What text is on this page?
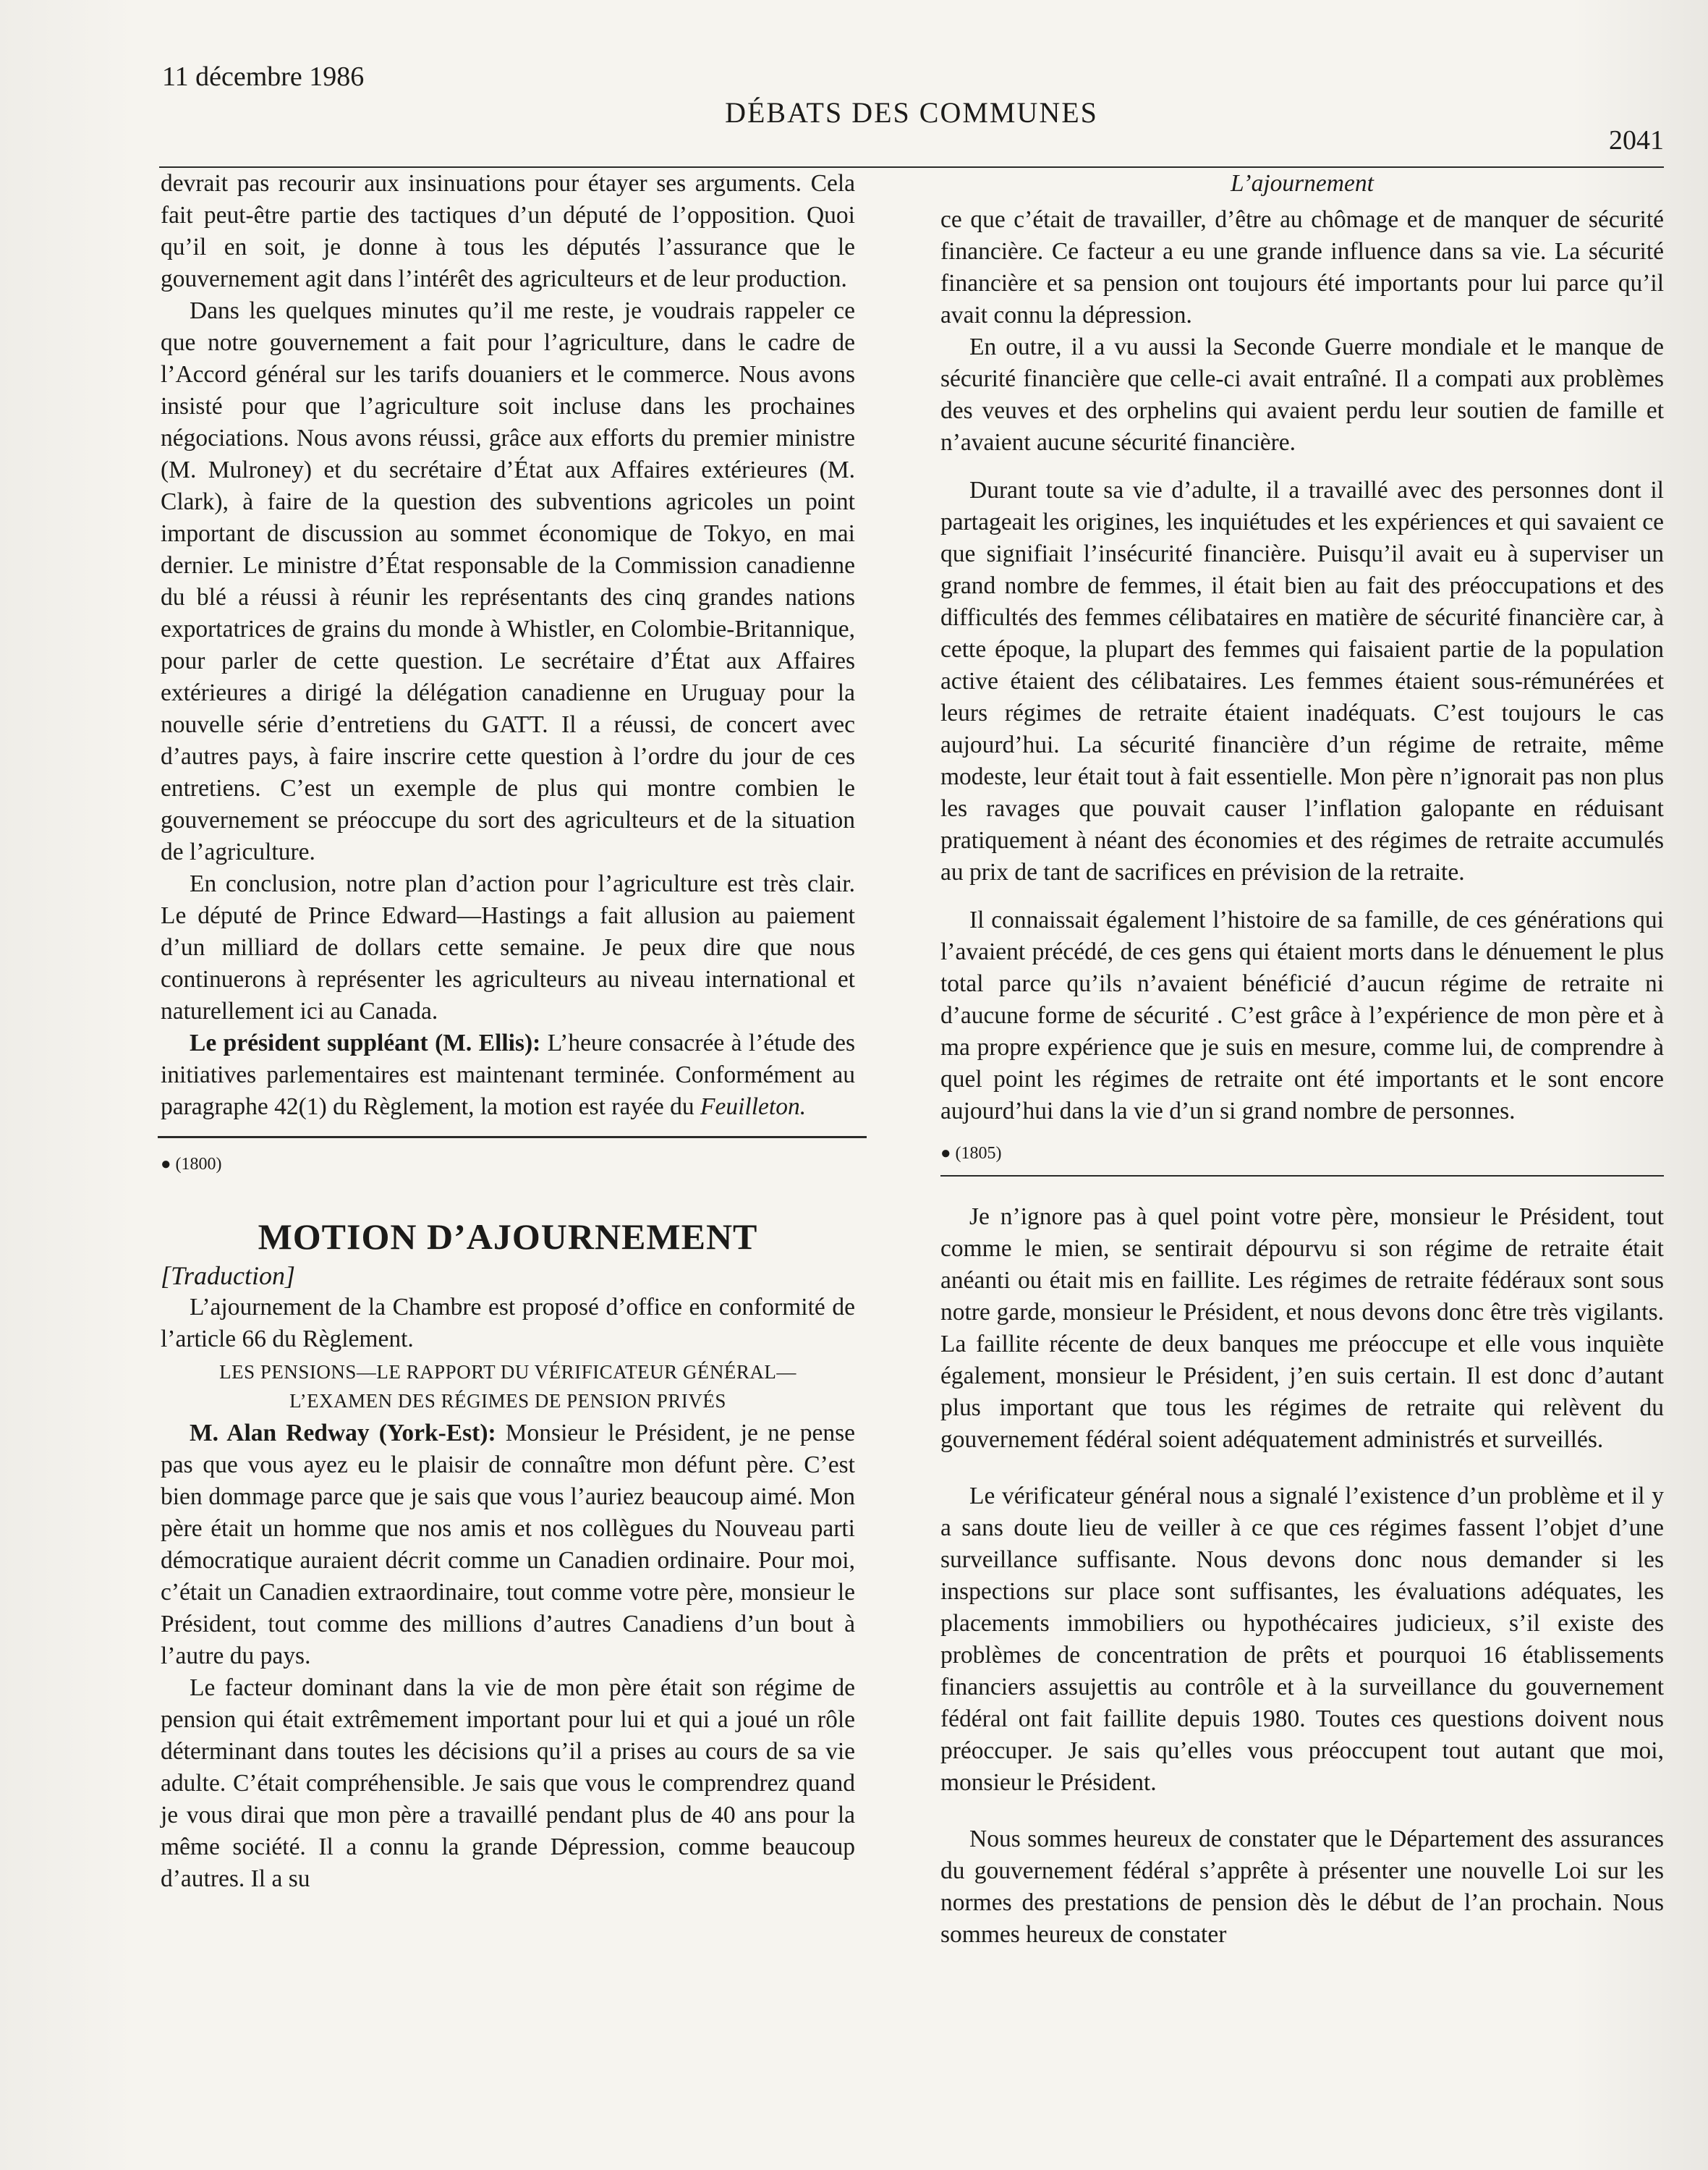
11 décembre 1986
DÉBATS DES COMMUNES
2041

devrait pas recourir aux insinuations pour étayer ses arguments. Cela fait peut-être partie des tactiques d’un député de l’opposition. Quoi qu’il en soit, je donne à tous les députés l’assurance que le gouvernement agit dans l’intérêt des agriculteurs et de leur production.

Dans les quelques minutes qu’il me reste, je voudrais rappeler ce que notre gouvernement a fait pour l’agriculture, dans le cadre de l’Accord général sur les tarifs douaniers et le commerce. Nous avons insisté pour que l’agriculture soit incluse dans les prochaines négociations. Nous avons réussi, grâce aux efforts du premier ministre (M. Mulroney) et du secrétaire d’État aux Affaires extérieures (M. Clark), à faire de la question des subventions agricoles un point important de discussion au sommet économique de Tokyo, en mai dernier. Le ministre d’État responsable de la Commission canadienne du blé a réussi à réunir les représentants des cinq grandes nations exportatrices de grains du monde à Whistler, en Colombie-Britannique, pour parler de cette question. Le secrétaire d’État aux Affaires extérieures a dirigé la délégation canadienne en Uruguay pour la nouvelle série d’entretiens du GATT. Il a réussi, de concert avec d’autres pays, à faire inscrire cette question à l’ordre du jour de ces entretiens. C’est un exemple de plus qui montre combien le gouvernement se préoccupe du sort des agriculteurs et de la situation de l’agriculture.

En conclusion, notre plan d’action pour l’agriculture est très clair. Le député de Prince Edward—Hastings a fait allusion au paiement d’un milliard de dollars cette semaine. Je peux dire que nous continuerons à représenter les agriculteurs au niveau international et naturellement ici au Canada.

Le président suppléant (M. Ellis): L’heure consacrée à l’étude des initiatives parlementaires est maintenant terminée. Conformément au paragraphe 42(1) du Règlement, la motion est rayée du Feuilleton.

● (1800)

MOTION D’AJOURNEMENT

[Traduction]

L’ajournement de la Chambre est proposé d’office en conformité de l’article 66 du Règlement.

LES PENSIONS—LE RAPPORT DU VÉRIFICATEUR GÉNÉRAL—

L’EXAMEN DES RÉGIMES DE PENSION PRIVÉS

M. Alan Redway (York-Est): Monsieur le Président, je ne pense pas que vous ayez eu le plaisir de connaître mon défunt père. C’est bien dommage parce que je sais que vous l’auriez beaucoup aimé. Mon père était un homme que nos amis et nos collègues du Nouveau parti démocratique auraient décrit comme un Canadien ordinaire. Pour moi, c’était un Canadien extraordinaire, tout comme votre père, monsieur le Président, tout comme des millions d’autres Canadiens d’un bout à l’autre du pays.

Le facteur dominant dans la vie de mon père était son régime de pension qui était extrêmement important pour lui et qui a joué un rôle déterminant dans toutes les décisions qu’il a prises au cours de sa vie adulte. C’était compréhensible. Je sais que vous le comprendrez quand je vous dirai que mon père a travaillé pendant plus de 40 ans pour la même société. Il a connu la grande Dépression, comme beaucoup d’autres. Il a su

L’ajournement

ce que c’était de travailler, d’être au chômage et de manquer de sécurité financière. Ce facteur a eu une grande influence dans sa vie. La sécurité financière et sa pension ont toujours été importants pour lui parce qu’il avait connu la dépression.

En outre, il a vu aussi la Seconde Guerre mondiale et le manque de sécurité financière que celle-ci avait entraîné. Il a compati aux problèmes des veuves et des orphelins qui avaient perdu leur soutien de famille et n’avaient aucune sécurité financière.

Durant toute sa vie d’adulte, il a travaillé avec des personnes dont il partageait les origines, les inquiétudes et les expériences et qui savaient ce que signifiait l’insécurité financière. Puisqu’il avait eu à superviser un grand nombre de femmes, il était bien au fait des préoccupations et des difficultés des femmes célibataires en matière de sécurité financière car, à cette époque, la plupart des femmes qui faisaient partie de la population active étaient des célibataires. Les femmes étaient sous-rémunérées et leurs régimes de retraite étaient inadéquats. C’est toujours le cas aujourd’hui. La sécurité financière d’un régime de retraite, même modeste, leur était tout à fait essentielle. Mon père n’ignorait pas non plus les ravages que pouvait causer l’inflation galopante en réduisant pratiquement à néant des économies et des régimes de retraite accumulés au prix de tant de sacrifices en prévision de la retraite.

Il connaissait également l’histoire de sa famille, de ces générations qui l’avaient précédé, de ces gens qui étaient morts dans le dénuement le plus total parce qu’ils n’avaient bénéficié d’aucun régime de retraite ni d’aucune forme de sécurité . C’est grâce à l’expérience de mon père et à ma propre expérience que je suis en mesure, comme lui, de comprendre à quel point les régimes de retraite ont été importants et le sont encore aujourd’hui dans la vie d’un si grand nombre de personnes.

● (1805)

Je n’ignore pas à quel point votre père, monsieur le Président, tout comme le mien, se sentirait dépourvu si son régime de retraite était anéanti ou était mis en faillite. Les régimes de retraite fédéraux sont sous notre garde, monsieur le Président, et nous devons donc être très vigilants. La faillite récente de deux banques me préoccupe et elle vous inquiète également, monsieur le Président, j’en suis certain. Il est donc d’autant plus important que tous les régimes de retraite qui relèvent du gouvernement fédéral soient adéquatement administrés et surveillés.

Le vérificateur général nous a signalé l’existence d’un problème et il y a sans doute lieu de veiller à ce que ces régimes fassent l’objet d’une surveillance suffisante. Nous devons donc nous demander si les inspections sur place sont suffisantes, les évaluations adéquates, les placements immobiliers ou hypothécaires judicieux, s’il existe des problèmes de concentration de prêts et pourquoi 16 établissements financiers assujettis au contrôle et à la surveillance du gouvernement fédéral ont fait faillite depuis 1980. Toutes ces questions doivent nous préoccuper. Je sais qu’elles vous préoccupent tout autant que moi, monsieur le Président.

Nous sommes heureux de constater que le Département des assurances du gouvernement fédéral s’apprête à présenter une nouvelle Loi sur les normes des prestations de pension dès le début de l’an prochain. Nous sommes heureux de constater
